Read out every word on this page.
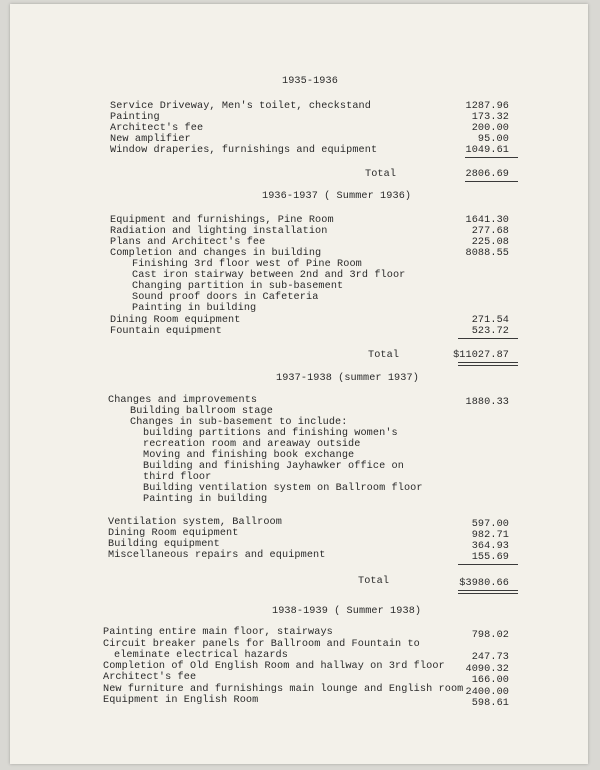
1935-1936
Service Driveway, Men's toilet, checkstand	1287.96
Painting	173.32
Architect's fee	200.00
New amplifier	95.00
Window draperies, furnishings and equipment	1049.61
Total	2806.69
1936-1937 ( Summer 1936)
Equipment and furnishings, Pine Room	1641.30
Radiation and lighting installation	277.68
Plans and Architect's fee	225.08
Completion and changes in building	8088.55
Finishing 3rd floor west of Pine Room
Cast iron stairway between 2nd and 3rd floor
Changing partition in sub-basement
Sound proof doors in Cafeteria
Painting in building
Dining Room equipment	271.54
Fountain equipment	523.72
Total	$11027.87
1937-1938 (summer 1937)
Changes and improvements	1880.33
Building ballroom stage
Changes in sub-basement to include:
building partitions and finishing women's
recreation room and areaway outside
Moving and finishing book exchange
Building and finishing Jayhawker office on
third floor
Building ventilation system on Ballroom floor
Painting in building
Ventilation system, Ballroom	597.00
Dining Room equipment	982.71
Building equipment	364.93
Miscellaneous repairs and equipment	155.69
Total	$3980.66
1938-1939 ( Summer 1938)
Painting entire main floor, stairways	798.02
Circuit breaker panels for Ballroom and Fountain to
eleminate electrical hazards	247.73
Completion of Old English Room and hallway on 3rd floor 4090.32
Architect's fee	166.00
New furniture and furnishings main lounge and English room 2400.00
Equipment in English Room	598.61
